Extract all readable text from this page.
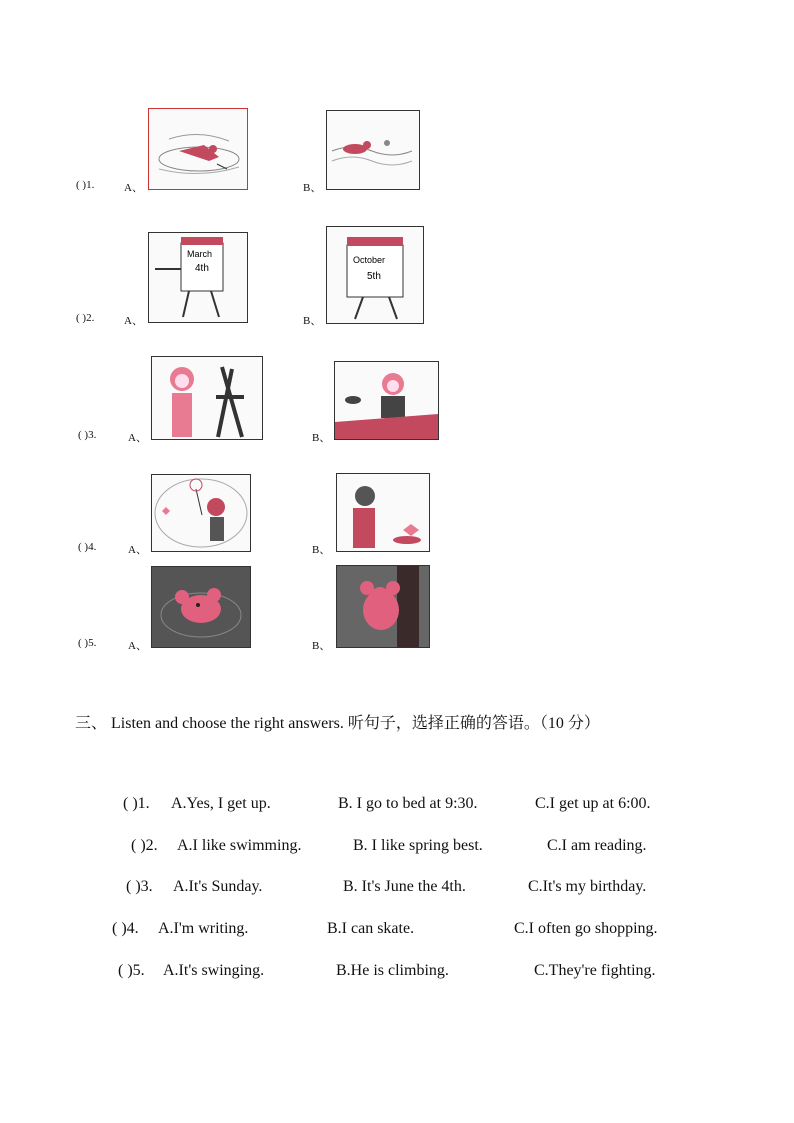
( )1.	A、	B、
( )2.	A、
March
4th
B、
October
5th
( )3.	A、	B、
( )4.	A、	B、
( )5.	A、	B、
三、 Listen and choose the right answers. 听句子，选择正确的答语。（10 分）
( )1. A.Yes, I get up.	B. I go to bed at 9:30.	C.I get up at 6:00.
( )2. A.I like swimming.	B. I like spring best.	C.I am reading.
( )3. A.It's Sunday.	B. It's June the 4th.	C.It's my birthday.
( )4. A.I'm writing.	B.I can skate.	C.I often go shopping.
( )5. A.It's swinging.	B.He is climbing.	C.They're fighting.
